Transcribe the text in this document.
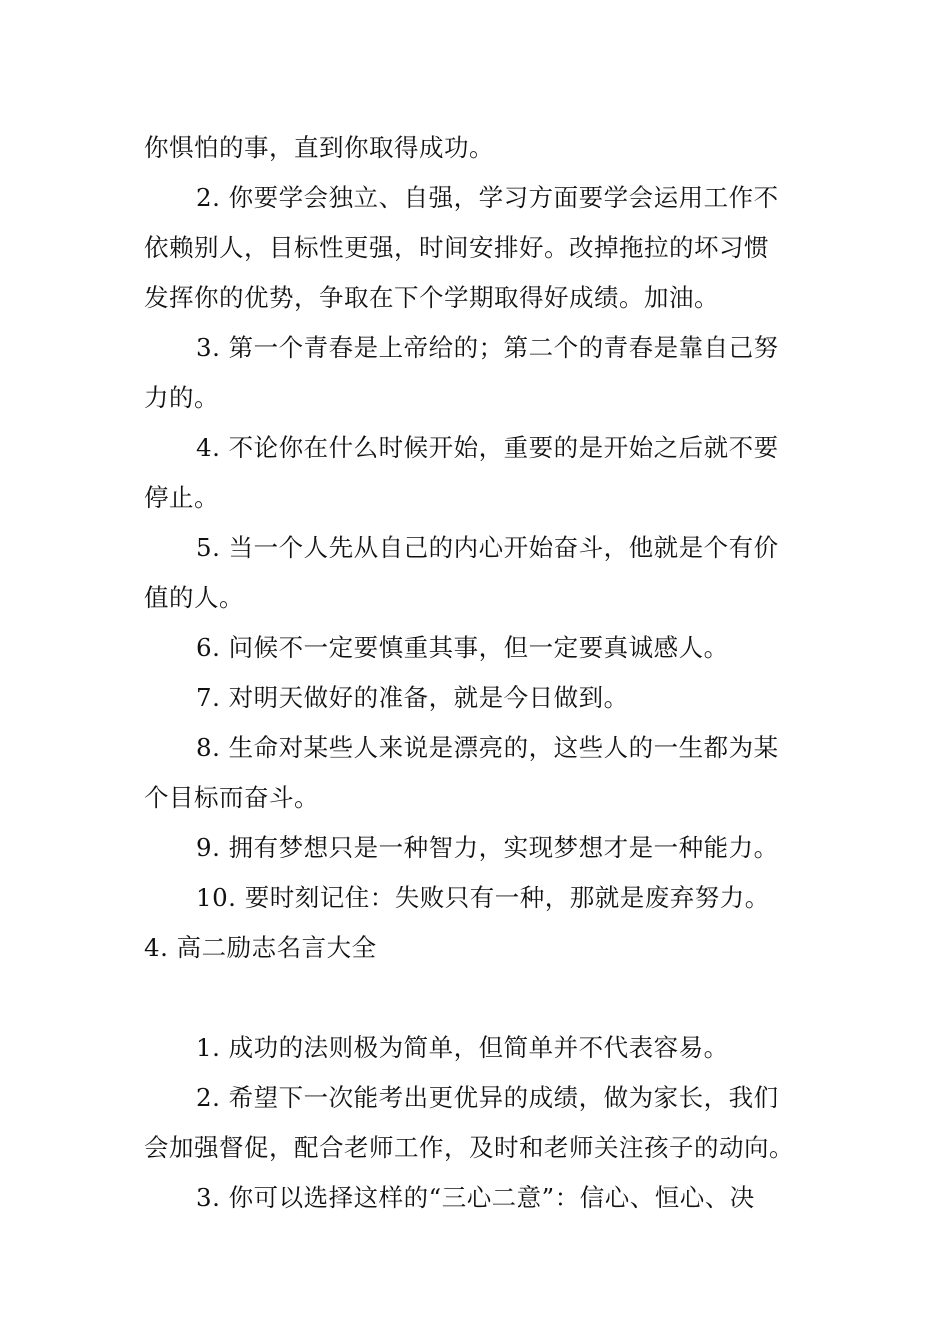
你惧怕的事，直到你取得成功。
2. 你要学会独立、自强，学习方面要学会运用工作不
依赖别人，目标性更强，时间安排好。改掉拖拉的坏习惯
发挥你的优势，争取在下个学期取得好成绩。加油。
3. 第一个青春是上帝给的；第二个的青春是靠自己努
力的。
4. 不论你在什么时候开始，重要的是开始之后就不要
停止。
5. 当一个人先从自己的内心开始奋斗，他就是个有价
值的人。
6. 问候不一定要慎重其事，但一定要真诚感人。
7. 对明天做好的准备，就是今日做到。
8. 生命对某些人来说是漂亮的，这些人的一生都为某
个目标而奋斗。
9. 拥有梦想只是一种智力，实现梦想才是一种能力。
10. 要时刻记住：失败只有一种，那就是废弃努力。
4. 高二励志名言大全
1. 成功的法则极为简单，但简单并不代表容易。
2. 希望下一次能考出更优异的成绩，做为家长，我们
会加强督促，配合老师工作，及时和老师关注孩子的动向。
3. 你可以选择这样的“三心二意”：信心、恒心、决
